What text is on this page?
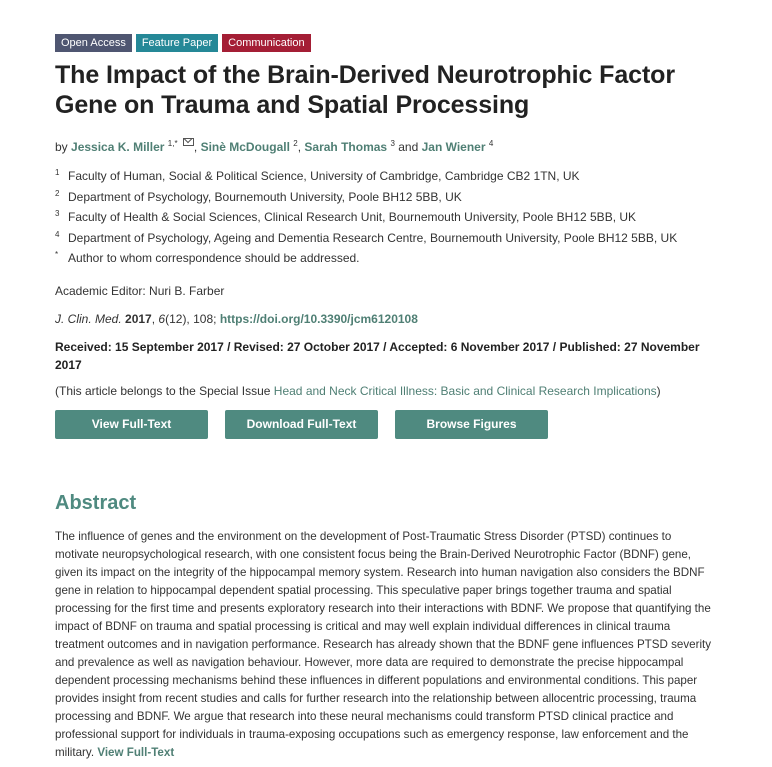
Open Access	Feature Paper	Communication
The Impact of the Brain-Derived Neurotrophic Factor Gene on Trauma and Spatial Processing
by Jessica K. Miller $^{1,*}$ , Sinè McDougall $^2$, Sarah Thomas $^3$ and Jan Wiener $^4$
1 Faculty of Human, Social & Political Science, University of Cambridge, Cambridge CB2 1TN, UK
2 Department of Psychology, Bournemouth University, Poole BH12 5BB, UK
3 Faculty of Health & Social Sciences, Clinical Research Unit, Bournemouth University, Poole BH12 5BB, UK
4 Department of Psychology, Ageing and Dementia Research Centre, Bournemouth University, Poole BH12 5BB, UK
* Author to whom correspondence should be addressed.
Academic Editor: Nuri B. Farber
J. Clin. Med. 2017, 6(12), 108; https://doi.org/10.3390/jcm6120108
Received: 15 September 2017 / Revised: 27 October 2017 / Accepted: 6 November 2017 / Published: 27 November 2017
(This article belongs to the Special Issue Head and Neck Critical Illness: Basic and Clinical Research Implications)
View Full-Text	Download Full-Text	Browse Figures
Abstract
The influence of genes and the environment on the development of Post-Traumatic Stress Disorder (PTSD) continues to motivate neuropsychological research, with one consistent focus being the Brain-Derived Neurotrophic Factor (BDNF) gene, given its impact on the integrity of the hippocampal memory system. Research into human navigation also considers the BDNF gene in relation to hippocampal dependent spatial processing. This speculative paper brings together trauma and spatial processing for the first time and presents exploratory research into their interactions with BDNF. We propose that quantifying the impact of BDNF on trauma and spatial processing is critical and may well explain individual differences in clinical trauma treatment outcomes and in navigation performance. Research has already shown that the BDNF gene influences PTSD severity and prevalence as well as navigation behaviour. However, more data are required to demonstrate the precise hippocampal dependent processing mechanisms behind these influences in different populations and environmental conditions. This paper provides insight from recent studies and calls for further research into the relationship between allocentric processing, trauma processing and BDNF. We argue that research into these neural mechanisms could transform PTSD clinical practice and professional support for individuals in trauma-exposing occupations such as emergency response, law enforcement and the military. View Full-Text
